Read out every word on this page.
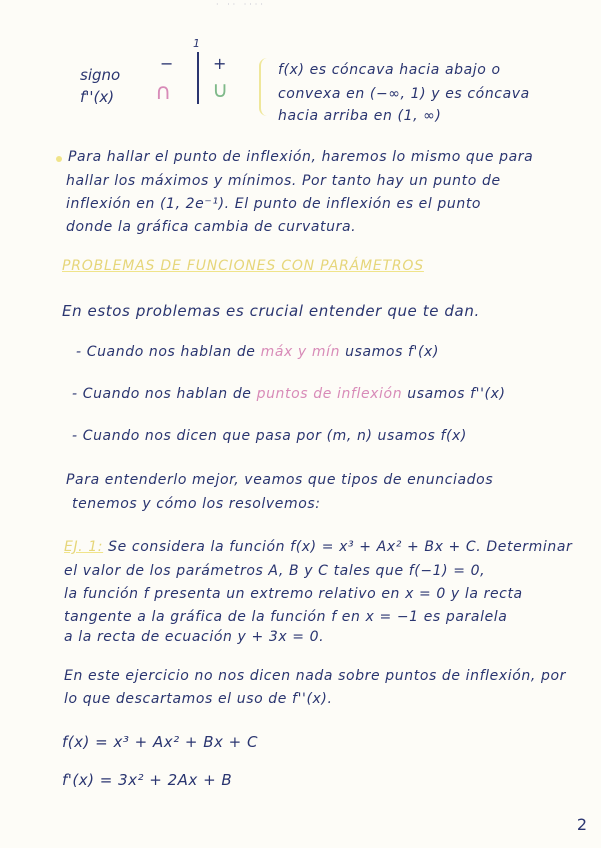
· ·· ····
signo
f''(x)
1
− +
∩ ∪
f(x) es cóncava hacia abajo o
convexa en (−∞, 1) y es cóncava
hacia arriba en (1, ∞)
Para hallar el punto de inflexión, haremos lo mismo que para
hallar los máximos y mínimos. Por tanto hay un punto de
inflexión en (1, 2e⁻¹). El punto de inflexión es el punto
donde la gráfica cambia de curvatura.
PROBLEMAS DE FUNCIONES CON PARÁMETROS
En estos problemas es crucial entender que te dan.
- Cuando nos hablan de máx y mín usamos f'(x)
- Cuando nos hablan de puntos de inflexión usamos f''(x)
- Cuando nos dicen que pasa por (m, n) usamos f(x)
Para entenderlo mejor, veamos que tipos de enunciados
tenemos y cómo los resolvemos:
EJ. 1: Se considera la función f(x) = x³ + Ax² + Bx + C. Determinar
el valor de los parámetros A, B y C tales que f(−1) = 0,
la función f presenta un extremo relativo en x = 0 y la recta
tangente a la gráfica de la función f en x = −1 es paralela
a la recta de ecuación y + 3x = 0.
En este ejercicio no nos dicen nada sobre puntos de inflexión, por
lo que descartamos el uso de f''(x).
f(x) = x³ + Ax² + Bx + C
f'(x) = 3x² + 2Ax + B
2
